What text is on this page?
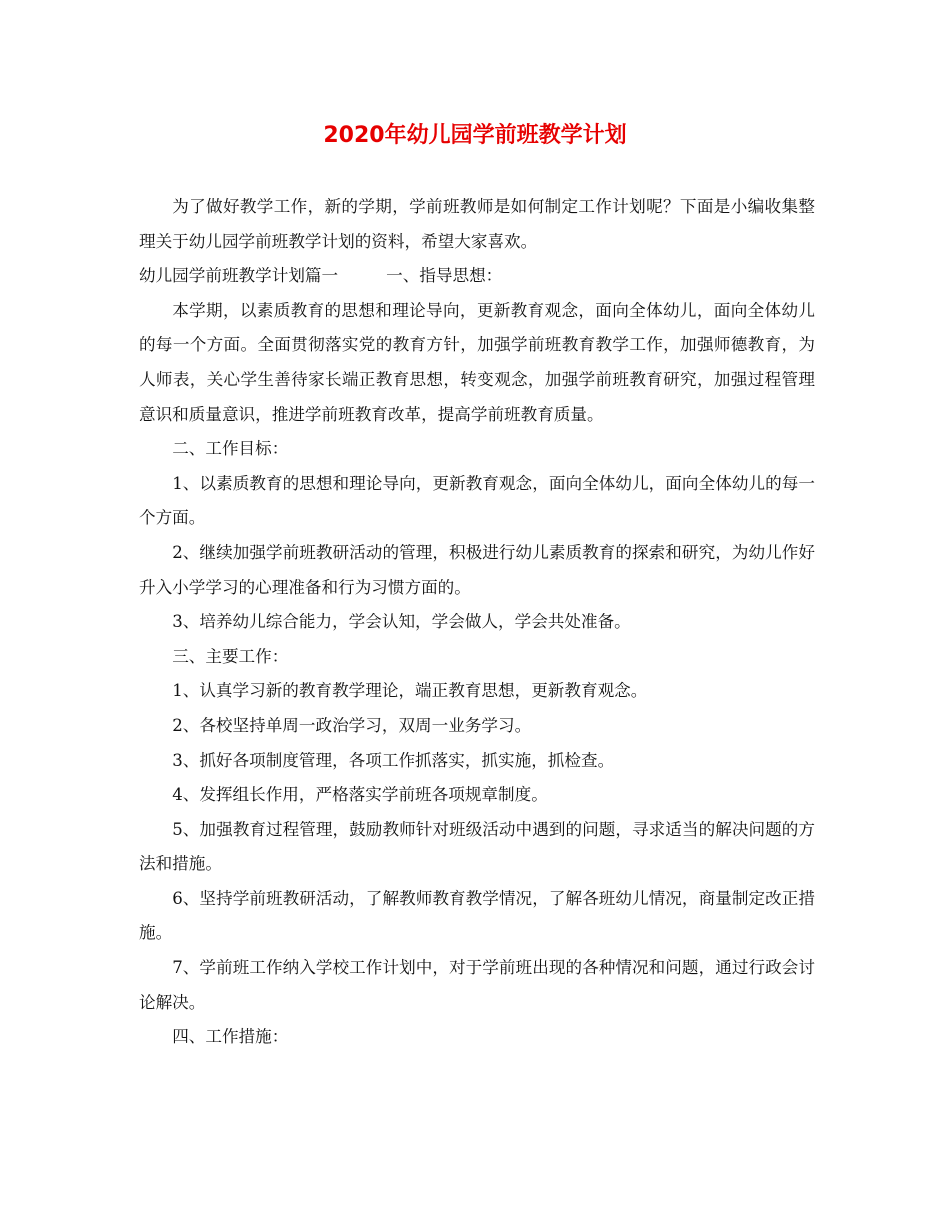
2020年幼儿园学前班教学计划

为了做好教学工作，新的学期，学前班教师是如何制定工作计划呢？下面是小编收集整理关于幼儿园学前班教学计划的资料，希望大家喜欢。

幼儿园学前班教学计划篇一	一、指导思想：

本学期，以素质教育的思想和理论导向，更新教育观念，面向全体幼儿，面向全体幼儿的每一个方面。全面贯彻落实党的教育方针，加强学前班教育教学工作，加强师德教育，为人师表，关心学生善待家长端正教育思想，转变观念，加强学前班教育研究，加强过程管理意识和质量意识，推进学前班教育改革，提高学前班教育质量。

二、工作目标：

1、以素质教育的思想和理论导向，更新教育观念，面向全体幼儿，面向全体幼儿的每一个方面。

2、继续加强学前班教研活动的管理，积极进行幼儿素质教育的探索和研究，为幼儿作好升入小学学习的心理准备和行为习惯方面的。

3、培养幼儿综合能力，学会认知，学会做人，学会共处准备。

三、主要工作：

1、认真学习新的教育教学理论，端正教育思想，更新教育观念。

2、各校坚持单周一政治学习，双周一业务学习。

3、抓好各项制度管理，各项工作抓落实，抓实施，抓检查。

4、发挥组长作用，严格落实学前班各项规章制度。

5、加强教育过程管理，鼓励教师针对班级活动中遇到的问题，寻求适当的解决问题的方法和措施。

6、坚持学前班教研活动，了解教师教育教学情况，了解各班幼儿情况，商量制定改正措施。

7、学前班工作纳入学校工作计划中，对于学前班出现的各种情况和问题，通过行政会讨论解决。

四、工作措施：
